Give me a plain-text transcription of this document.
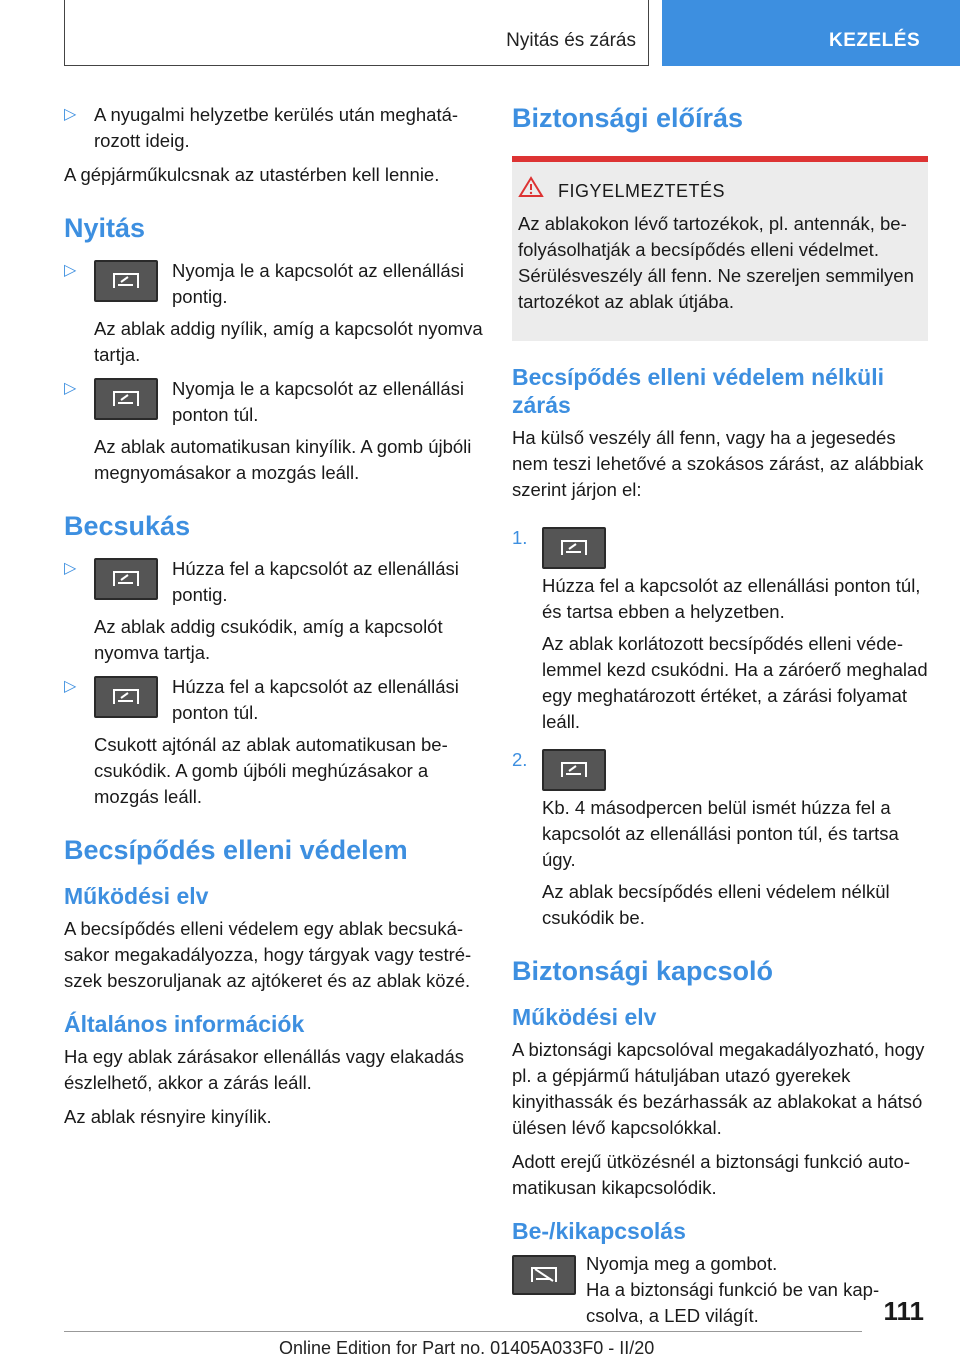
Nyitás és zárás	KEZELÉS
▷ A nyugalmi helyzetbe kerülés után meghatározott ideig.
A gépjárműkulcsnak az utastérben kell lennie.
Nyitás
▷	Nyomja le a kapcsolót az ellenállási pontig.
Az ablak addig nyílik, amíg a kapcsolót nyomva tartja.
▷	Nyomja le a kapcsolót az ellenállási ponton túl.
Az ablak automatikusan kinyílik. A gomb újbóli megnyomásakor a mozgás leáll.
Becsukás
▷	Húzza fel a kapcsolót az ellenállási pontig.
Az ablak addig csukódik, amíg a kapcsolót nyomva tartja.
▷	Húzza fel a kapcsolót az ellenállási ponton túl.
Csukott ajtónál az ablak automatikusan becsukódik. A gomb újbóli meghúzásakor a mozgás leáll.
Becsípődés elleni védelem
Működési elv
A becsípődés elleni védelem egy ablak becsukásakor megakadályozza, hogy tárgyak vagy testrészek beszoruljanak az ajtókeret és az ablak közé.
Általános információk
Ha egy ablak zárásakor ellenállás vagy elakadás észlelhető, akkor a zárás leáll.
Az ablak résnyire kinyílik.
Biztonsági előírás
FIGYELMEZTETÉS
Az ablakokon lévő tartozékok, pl. antennák, befolyásolhatják a becsípődés elleni védelmet. Sérülésveszély áll fenn. Ne szereljen semmilyen tartozékot az ablak útjába.
Becsípődés elleni védelem nélküli zárás
Ha külső veszély áll fenn, vagy ha a jegesedés nem teszi lehetővé a szokásos zárást, az alábbiak szerint járjon el:
1.
Húzza fel a kapcsolót az ellenállási ponton túl, és tartsa ebben a helyzetben.
Az ablak korlátozott becsípődés elleni védelemmel kezd csukódni. Ha a záróerő meghalad egy meghatározott értéket, a zárási folyamat leáll.
2.
Kb. 4 másodpercen belül ismét húzza fel a kapcsolót az ellenállási ponton túl, és tartsa úgy.
Az ablak becsípődés elleni védelem nélkül csukódik be.
Biztonsági kapcsoló
Működési elv
A biztonsági kapcsolóval megakadályozható, hogy pl. a gépjármű hátuljában utazó gyerekek kinyithassák és bezárhassák az ablakokat a hátsó ülésen lévő kapcsolókkal.
Adott erejű ütközésnél a biztonsági funkció automatikusan kikapcsolódik.
Be-/kikapcsolás
Nyomja meg a gombot.
Ha a biztonsági funkció be van kapcsolva, a LED világít.	111
Online Edition for Part no. 01405A033F0 - II/20
